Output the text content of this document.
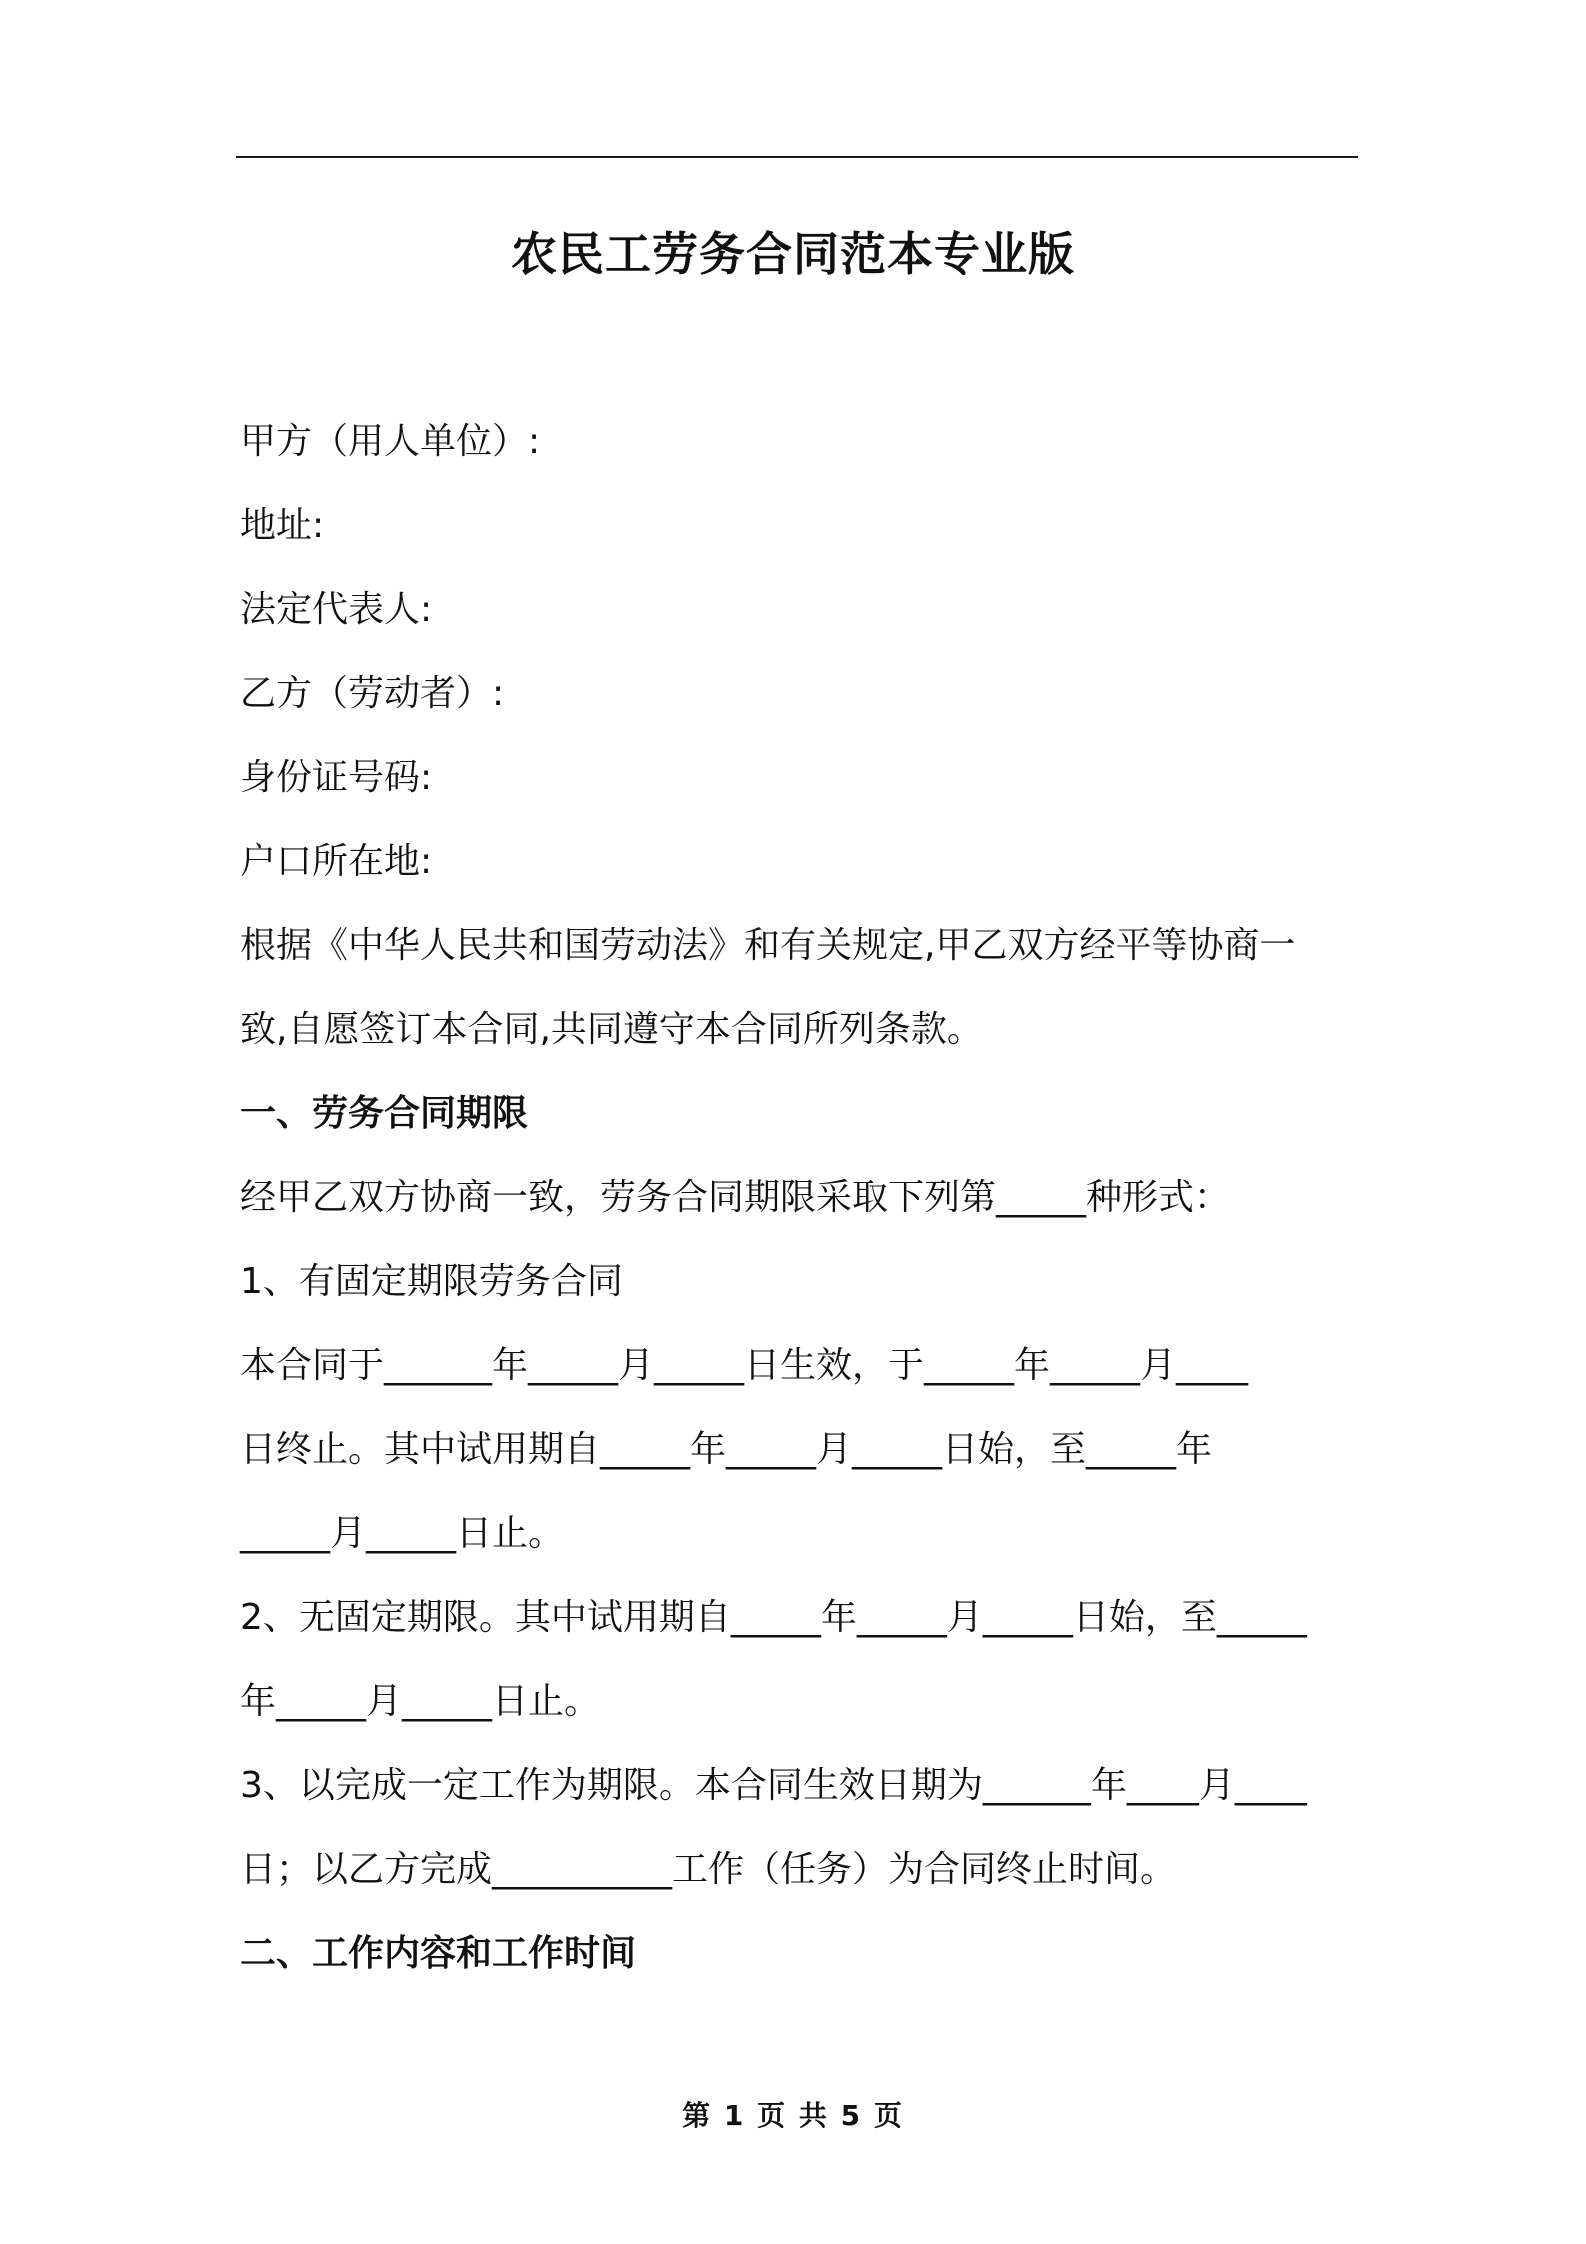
农民工劳务合同范本专业版
甲方（用人单位）:
地址:
法定代表人:
乙方（劳动者）:
身份证号码:
户口所在地:
根据《中华人民共和国劳动法》和有关规定,甲乙双方经平等协商一
致,自愿签订本合同,共同遵守本合同所列条款。
一、劳务合同期限
经甲乙双方协商一致，劳务合同期限采取下列第_____种形式：
1、有固定期限劳务合同
本合同于______年_____月_____日生效，于_____年_____月____
日终止。其中试用期自_____年_____月_____日始，至_____年
_____月_____日止。
2、无固定期限。其中试用期自_____年_____月_____日始，至_____
年_____月_____日止。
3、以完成一定工作为期限。本合同生效日期为______年____月____
日；以乙方完成__________工作（任务）为合同终止时间。
二、工作内容和工作时间
第 1 页 共 5 页
